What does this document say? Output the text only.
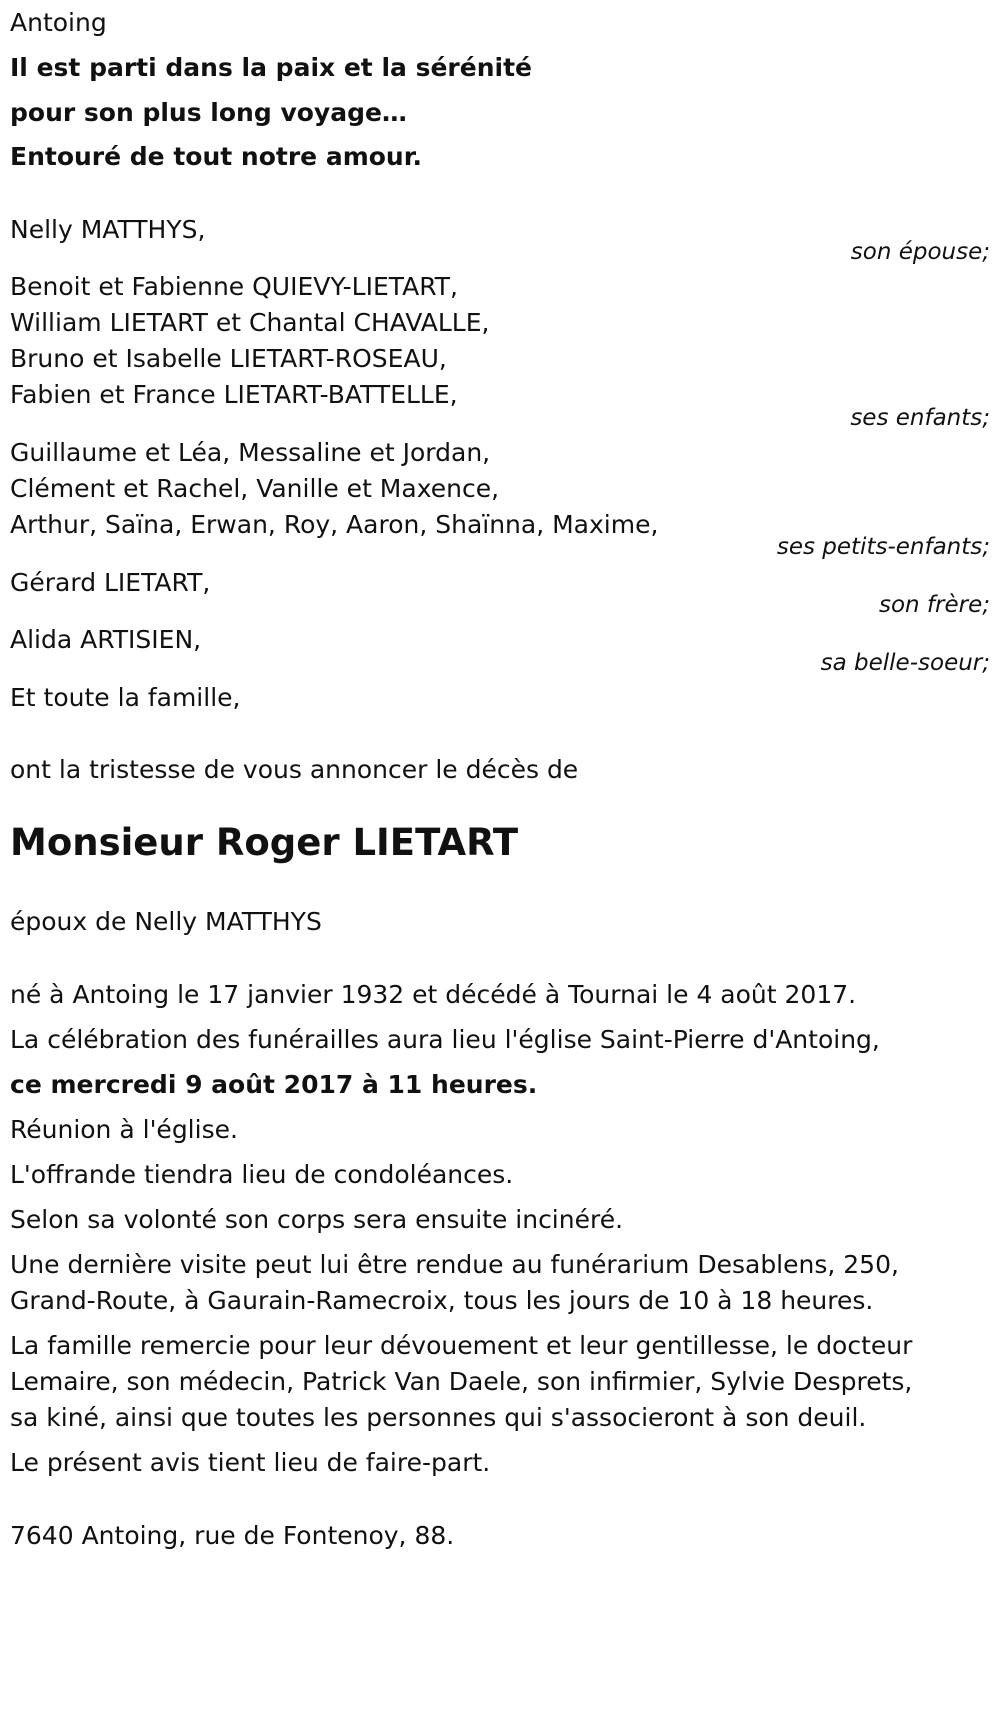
Antoing
Il est parti dans la paix et la sérénité
pour son plus long voyage…
Entouré de tout notre amour.
Nelly MATTHYS,
son épouse;
Benoit et Fabienne QUIEVY-LIETART,
William LIETART et Chantal CHAVALLE,
Bruno et Isabelle LIETART-ROSEAU,
Fabien et France LIETART-BATTELLE,
ses enfants;
Guillaume et Léa, Messaline et Jordan,
Clément et Rachel, Vanille et Maxence,
Arthur, Saïna, Erwan, Roy, Aaron, Shaïnna, Maxime,
ses petits-enfants;
Gérard LIETART,
son frère;
Alida ARTISIEN,
sa belle-soeur;
Et toute la famille,
ont la tristesse de vous annoncer le décès de
Monsieur Roger LIETART
époux de Nelly MATTHYS
né à Antoing le 17 janvier 1932 et décédé à Tournai le 4 août 2017.
La célébration des funérailles aura lieu l'église Saint-Pierre d'Antoing,
ce mercredi 9 août 2017 à 11 heures.
Réunion à l'église.
L'offrande tiendra lieu de condoléances.
Selon sa volonté son corps sera ensuite incinéré.
Une dernière visite peut lui être rendue au funérarium Desablens, 250,
Grand-Route, à Gaurain-Ramecroix, tous les jours de 10 à 18 heures.
La famille remercie pour leur dévouement et leur gentillesse, le docteur
Lemaire, son médecin, Patrick Van Daele, son infirmier, Sylvie Desprets,
sa kiné, ainsi que toutes les personnes qui s'associeront à son deuil.
Le présent avis tient lieu de faire-part.
7640 Antoing, rue de Fontenoy, 88.
